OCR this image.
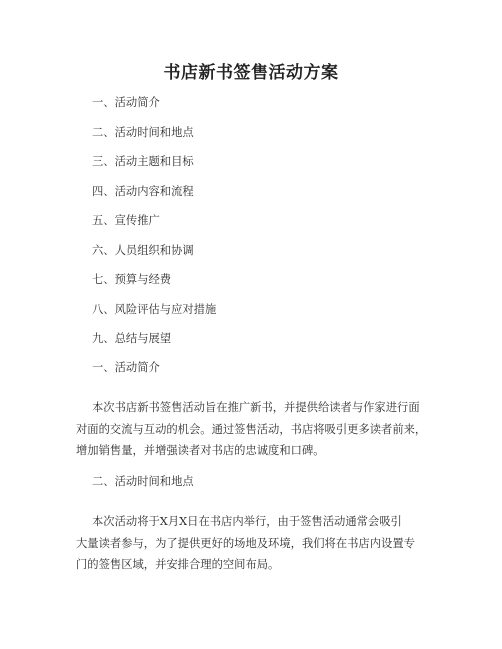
书店新书签售活动方案
一、活动简介
二、活动时间和地点
三、活动主题和目标
四、活动内容和流程
五、宣传推广
六、人员组织和协调
七、预算与经费
八、风险评估与应对措施
九、总结与展望
一、活动简介
本次书店新书签售活动旨在推广新书，并提供给读者与作家进行面
对面的交流与互动的机会。通过签售活动，书店将吸引更多读者前来，
增加销售量，并增强读者对书店的忠诚度和口碑。
二、活动时间和地点
本次活动将于X月X日在书店内举行，由于签售活动通常会吸引
大量读者参与，为了提供更好的场地及环境，我们将在书店内设置专
门的签售区域，并安排合理的空间布局。
